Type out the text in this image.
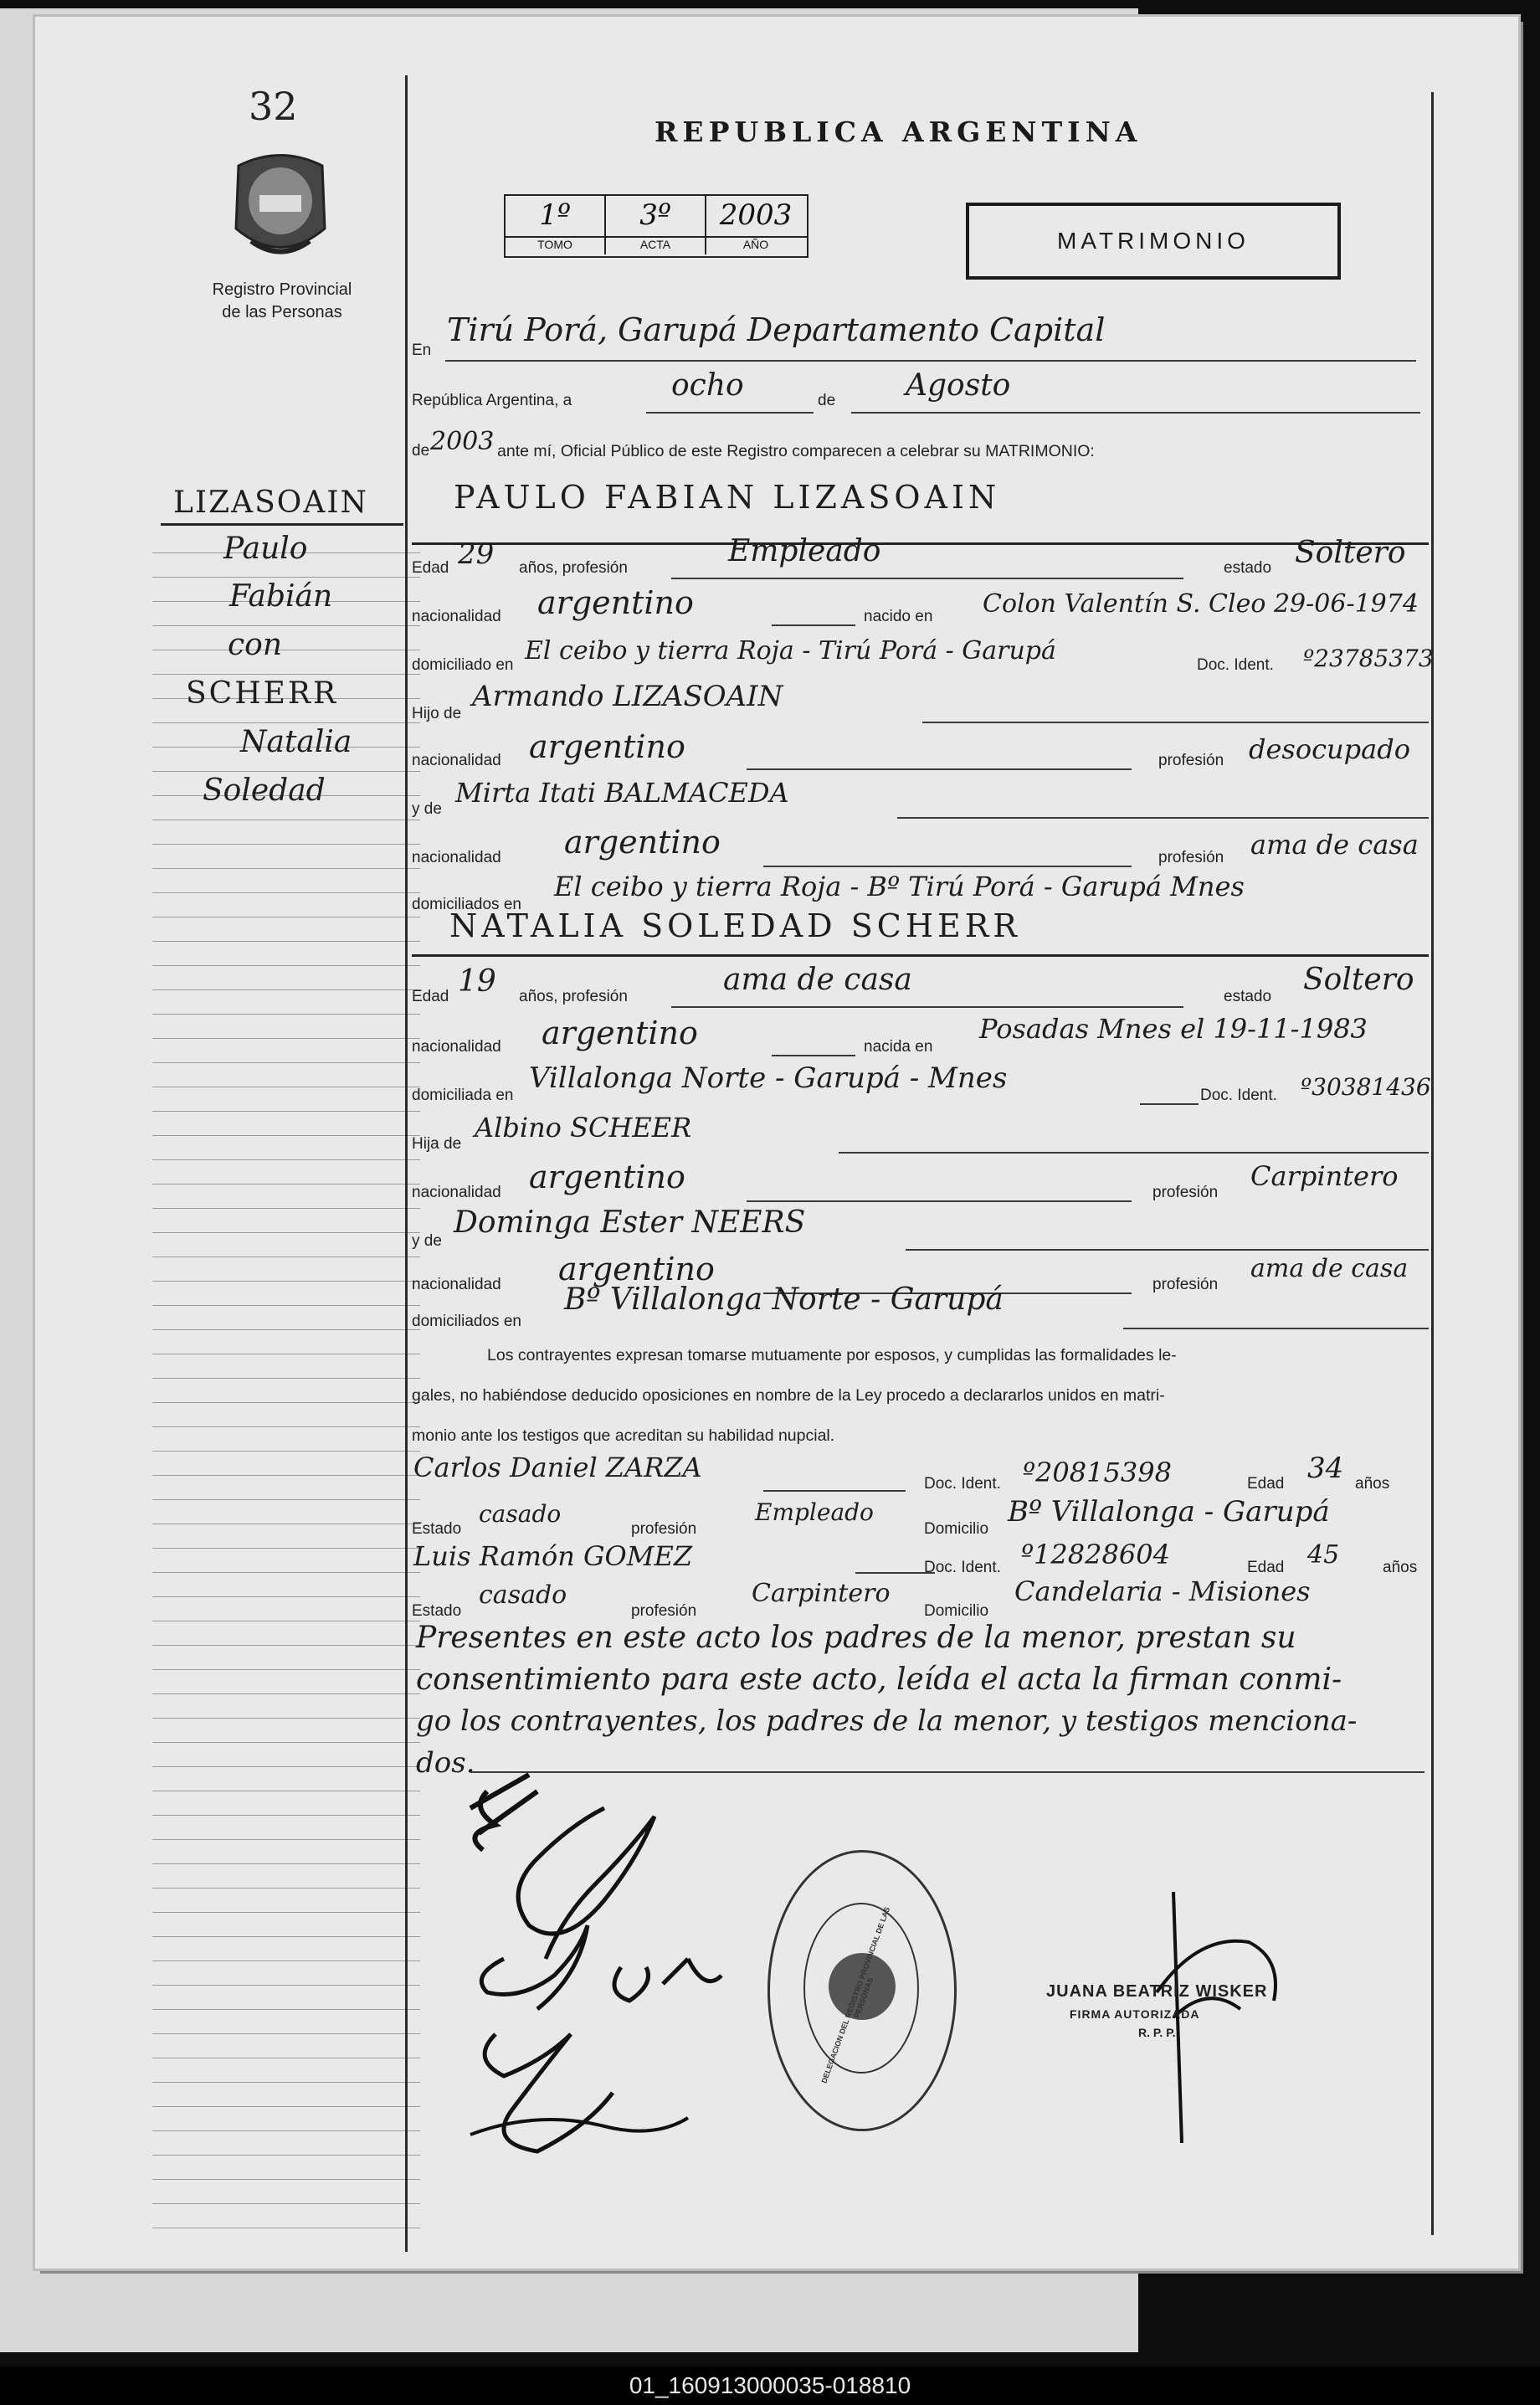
32
Registro Provincial
de las Personas
REPUBLICA ARGENTINA
1º	3º	2003
TOMO	ACTA	AÑO	MATRIMONIO
LIZASOAIN
Paulo
Fabián
con
SCHERR
Natalia
Soledad
En
Tirú Porá, Garupá Departamento Capital
República Argentina, a	ocho	de Agosto
de 2003 ante mí, Oficial Público de este Registro comparecen a celebrar su MATRIMONIO:
PAULO FABIAN LIZASOAIN
Edad 29 años, profesión	Empleado	estado Soltero
nacionalidad argentino	nacido en Colon Valentín S. Cleo 29-06-1974
domiciliado en El ceibo y tierra Roja - Tirú Porá - Garupá	Doc. Ident. º23785373
Hijo de
Armando LIZASOAIN
nacionalidad argentino	profesión desocupado
y de
Mirta Itati BALMACEDA
nacionalidad argentino	profesión ama de casa
domiciliados en
El ceibo y tierra Roja - Bº Tirú Porá - Garupá Mnes
NATALIA SOLEDAD SCHERR
Edad 19 años, profesión	ama de casa	estado Soltero
nacionalidad argentino	nacida en
Posadas Mnes el 19-11-1983
domiciliada en
Villalonga Norte - Garupá - Mnes
Doc. Ident. º30381436
Hija de
Albino SCHEER
nacionalidad argentino	profesión
Carpintero
y de
Dominga Ester NEERS
nacionalidad argentino	profesión
ama de casa
domiciliados en
Bº Villalonga Norte - Garupá
Los contrayentes expresan tomarse mutuamente por esposos, y cumplidas las formalidades le-
gales, no habiéndose deducido oposiciones en nombre de la Ley procedo a declararlos unidos en matri-
monio ante los testigos que acreditan su habilidad nupcial.
Carlos Daniel ZARZA
Doc. Ident. º20815398	Edad 34 años
Estado
casado
profesión
Empleado
Domicilio
Bº Villalonga - Garupá
Luis Ramón GOMEZ	Doc. Ident. º12828604	Edad 45	años
Estado
casado
profesión
Carpintero
Domicilio
Candelaria - Misiones
Presentes en este acto los padres de la menor, prestan su
consentimiento para este acto, leída el acta la firman conmi-
go los contrayentes, los padres de la menor, y testigos menciona-
dos.
DELEGACION DEL REGISTRO PROVINCIAL DE LAS PERSONAS	JUANA BEATRIZ WISKER
FIRMA AUTORIZADA
R. P. P.
01_160913000035-018810
